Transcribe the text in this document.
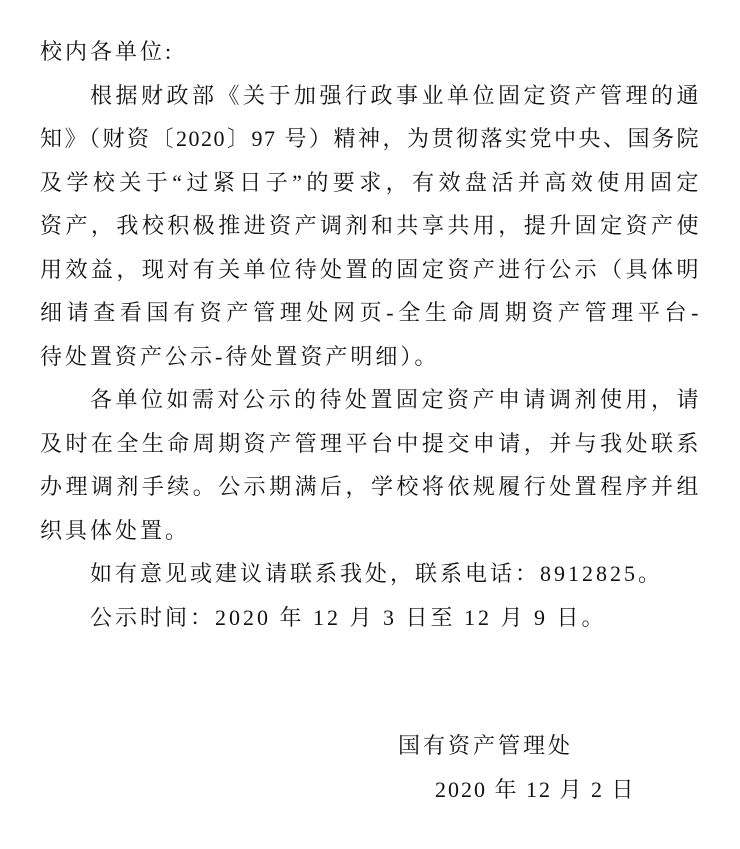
校内各单位:
根据财政部《关于加强行政事业单位固定资产管理的通
知》（财资〔2020〕97 号）精神，为贯彻落实党中央、国务院
及学校关于“过紧日子”的要求，有效盘活并高效使用固定
资产，我校积极推进资产调剂和共享共用，提升固定资产使
用效益，现对有关单位待处置的固定资产进行公示（具体明
细请查看国有资产管理处网页-全生命周期资产管理平台-
待处置资产公示-待处置资产明细）。
各单位如需对公示的待处置固定资产申请调剂使用，请
及时在全生命周期资产管理平台中提交申请，并与我处联系
办理调剂手续。公示期满后，学校将依规履行处置程序并组
织具体处置。
如有意见或建议请联系我处，联系电话：8912825。
公示时间：2020 年 12 月 3 日至 12 月 9 日。
国有资产管理处
2020 年 12 月 2 日
